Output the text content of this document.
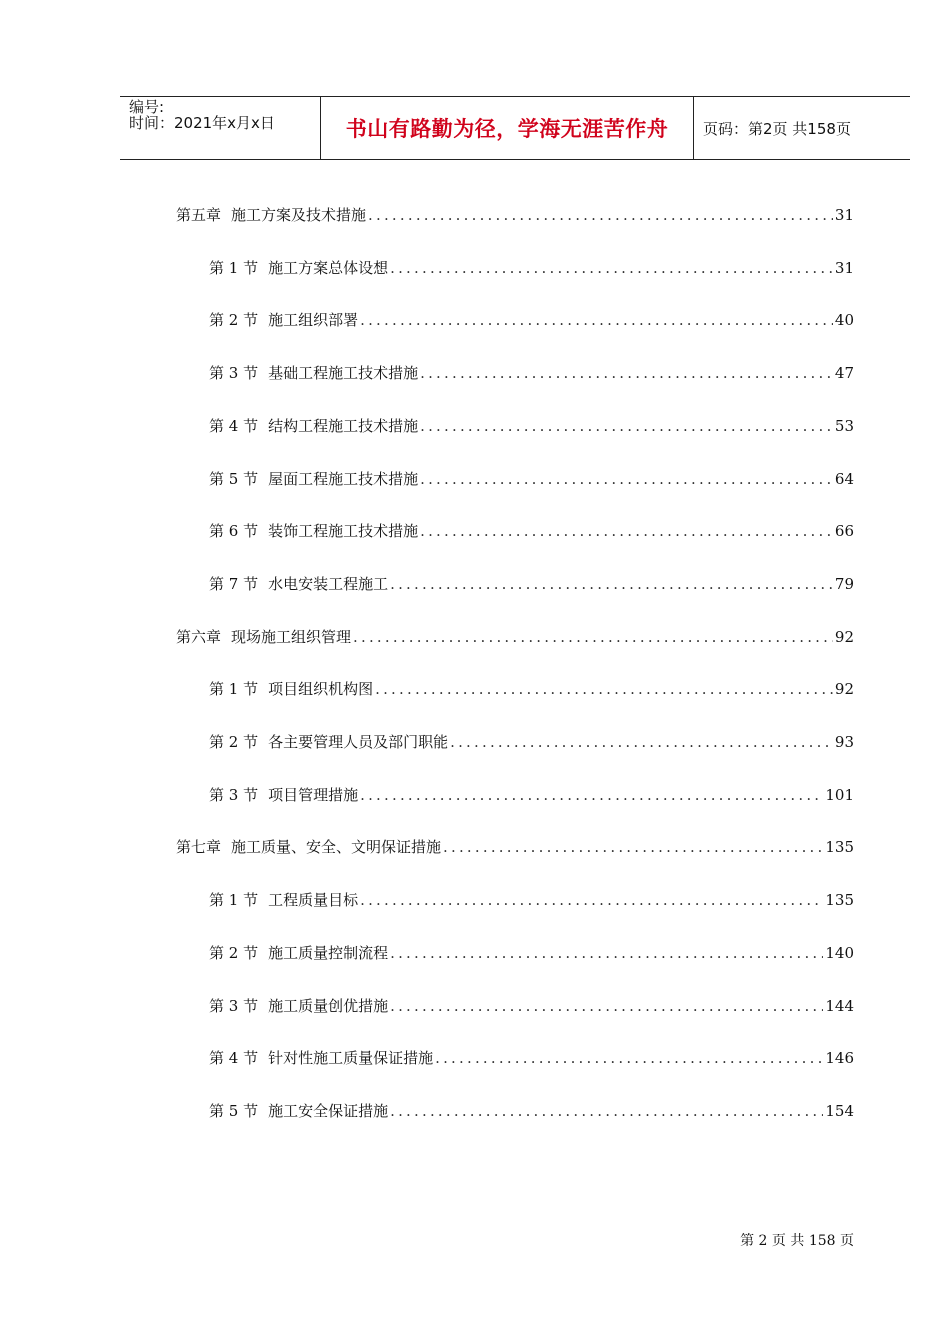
编号:
时间：2021年x月x日	书山有路勤为径，学海无涯苦作舟	页码：第2页 共158页
第五章 施工方案及技术措施 .....	31
第 1 节 施工方案总体设想 .....	31
第 2 节 施工组织部署 .....	40
第 3 节 基础工程施工技术措施 .....	47
第 4 节 结构工程施工技术措施 .....	53
第 5 节 屋面工程施工技术措施 .....	64
第 6 节 装饰工程施工技术措施 .....	66
第 7 节 水电安装工程施工 .....	79
第六章 现场施工组织管理 .....	92
第 1 节 项目组织机构图 .....	92
第 2 节 各主要管理人员及部门职能 .....	93
第 3 节 项目管理措施 .....	101
第七章 施工质量、安全、文明保证措施 .....	135
第 1 节 工程质量目标 .....	135
第 2 节 施工质量控制流程 .....	140
第 3 节 施工质量创优措施 .....	144
第 4 节 针对性施工质量保证措施 .....	146
第 5 节 施工安全保证措施 .....	154
第 2 页 共 158 页
